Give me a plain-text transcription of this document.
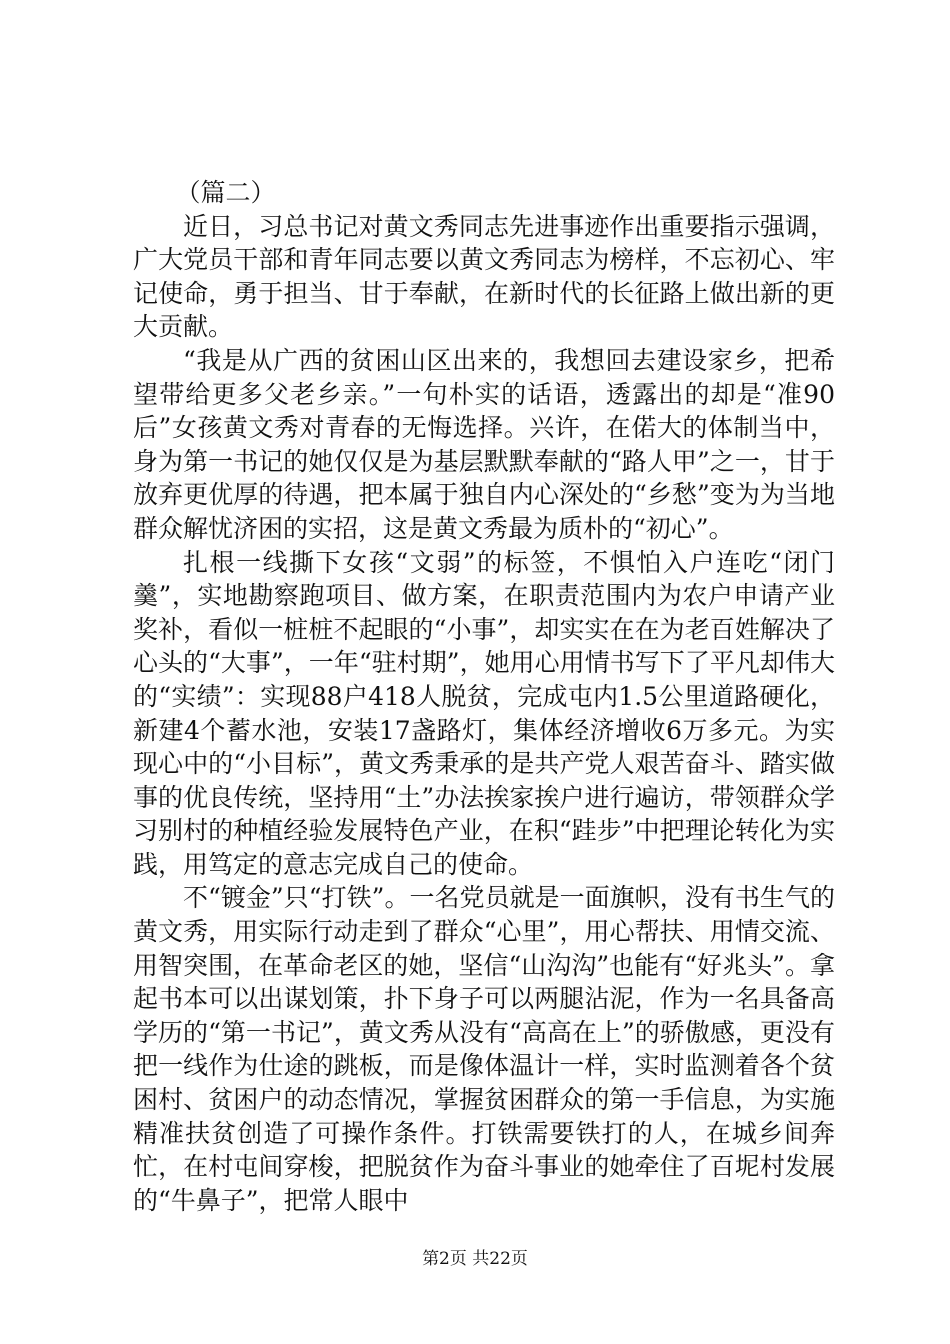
（篇二）

近日，习总书记对黄文秀同志先进事迹作出重要指示强调，广大党员干部和青年同志要以黄文秀同志为榜样，不忘初心、牢记使命，勇于担当、甘于奉献，在新时代的长征路上做出新的更大贡献。

“我是从广西的贫困山区出来的，我想回去建设家乡，把希望带给更多父老乡亲。”一句朴实的话语，透露出的却是“准90后”女孩黄文秀对青春的无悔选择。兴许，在偌大的体制当中，身为第一书记的她仅仅是为基层默默奉献的“路人甲”之一，甘于放弃更优厚的待遇，把本属于独自内心深处的“乡愁”变为为当地群众解忧济困的实招，这是黄文秀最为质朴的“初心”。

扎根一线撕下女孩“文弱”的标签，不惧怕入户连吃“闭门羹”，实地勘察跑项目、做方案，在职责范围内为农户申请产业奖补，看似一桩桩不起眼的“小事”，却实实在在为老百姓解决了心头的“大事”，一年“驻村期”，她用心用情书写下了平凡却伟大的“实绩”：实现88户418人脱贫，完成屯内1.5公里道路硬化，新建4个蓄水池，安装17盏路灯，集体经济增收6万多元。为实现心中的“小目标”，黄文秀秉承的是共产党人艰苦奋斗、踏实做事的优良传统，坚持用“土”办法挨家挨户进行遍访，带领群众学习别村的种植经验发展特色产业，在积“跬步”中把理论转化为实践，用笃定的意志完成自己的使命。

不“镀金”只“打铁”。一名党员就是一面旗帜，没有书生气的黄文秀，用实际行动走到了群众“心里”，用心帮扶、用情交流、用智突围，在革命老区的她，坚信“山沟沟”也能有“好兆头”。拿起书本可以出谋划策，扑下身子可以两腿沾泥，作为一名具备高学历的“第一书记”，黄文秀从没有“高高在上”的骄傲感，更没有把一线作为仕途的跳板，而是像体温计一样，实时监测着各个贫困村、贫困户的动态情况，掌握贫困群众的第一手信息，为实施精准扶贫创造了可操作条件。打铁需要铁打的人，在城乡间奔忙，在村屯间穿梭，把脱贫作为奋斗事业的她牵住了百坭村发展的“牛鼻子”，把常人眼中

第2页 共22页
